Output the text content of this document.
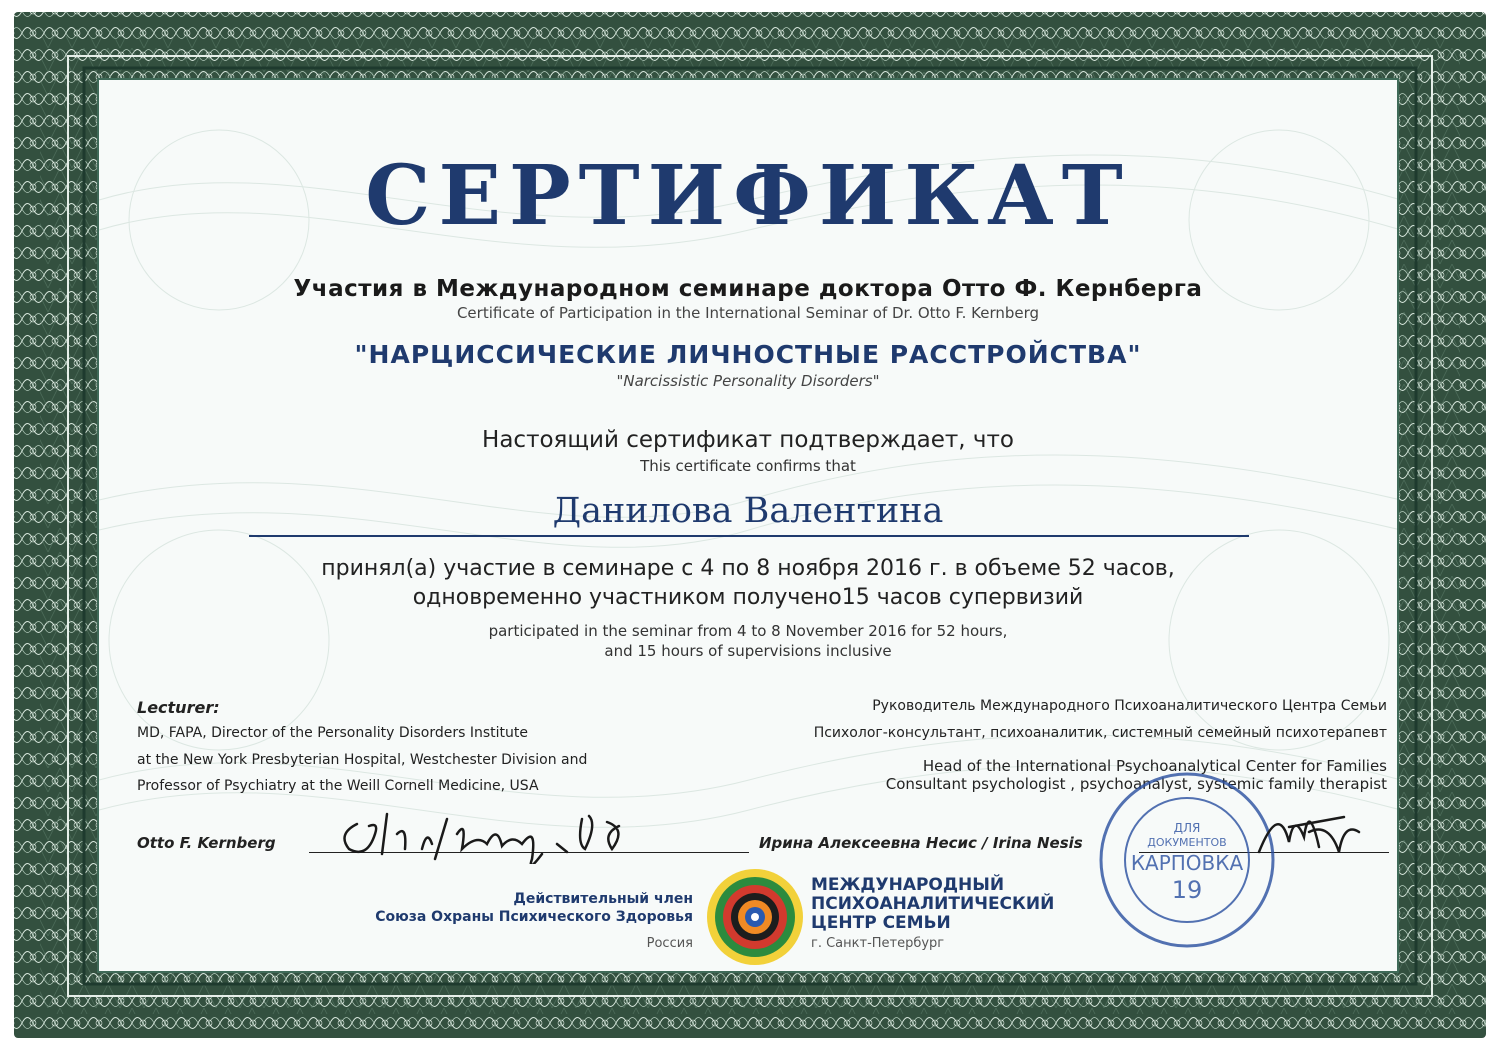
СЕРТИФИКАТ

Участия в Международном семинаре доктора Отто Ф. Кернберга

Certificate of Participation in the International Seminar of Dr. Otto F. Kernberg

"НАРЦИССИЧЕСКИЕ ЛИЧНОСТНЫЕ РАССТРОЙСТВА"

"Narcissistic Personality Disorders"

Настоящий сертификат подтверждает, что

This certificate confirms that

Данилова Валентина

принял(а) участие в семинаре с 4 по 8 ноября 2016 г. в объеме 52 часов,

одновременно участником получено15 часов супервизий

participated in the seminar from 4 to 8 November 2016 for 52 hours,

and 15 hours of supervisions inclusive

Lecturer:

MD, FAPA, Director of the Personality Disorders Institute

at the New York Presbyterian Hospital, Westchester Division and

Professor of Psychiatry at the Weill Cornell Medicine, USA

Руководитель Международного Психоаналитического Центра Семьи

Психолог-консультант, психоаналитик, системный семейный психотерапевт

Head of the International Psychoanalytical Center for Families

Consultant psychologist , psychoanalyst, systemic family therapist

Otto F. Kernberg	Ирина Алексеевна Несис / Irina Nesis

Действительный член

Союза Охраны Психического Здоровья

Россия

МЕЖДУНАРОДНЫЙ

ПСИХОАНАЛИТИЧЕСКИЙ

ЦЕНТР СЕМЬИ

г. Санкт-Петербург

ДЛЯ
ДОКУМЕНТОВ
КАРПОВКА
19
